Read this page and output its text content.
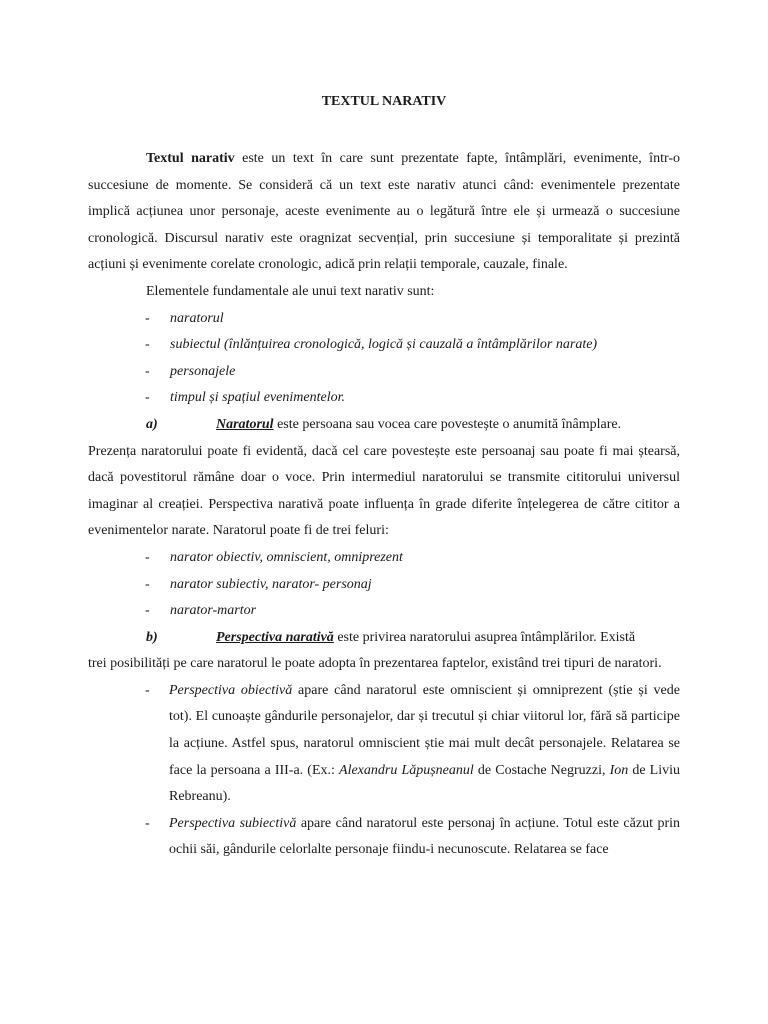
TEXTUL NARATIV

Textul narativ este un text în care sunt prezentate fapte, întâmplări, evenimente, într-o succesiune de momente. Se consideră că un text este narativ atunci când: evenimentele prezentate implică acțiunea unor personaje, aceste evenimente au o legătură între ele și urmează o succesiune cronologică. Discursul narativ este oragnizat secvențial, prin succesiune și temporalitate și prezintă acțiuni și evenimente corelate cronologic, adică prin relații temporale, cauzale, finale.

Elementele fundamentale ale unui text narativ sunt:

-	naratorul
-	subiectul (înlănțuirea cronologică, logică și cauzală a întâmplărilor narate)
-	personajele
-	timpul și spațiul evenimentelor.
a)	Naratorul este persoana sau vocea care povestește o anumită înâmplare.

Prezența naratorului poate fi evidentă, dacă cel care povestește este persoanaj sau poate fi mai ștearsă, dacă povestitorul rămâne doar o voce. Prin intermediul naratorului se transmite cititorului universul imaginar al creației. Perspectiva narativă poate influența în grade diferite înțelegerea de către cititor a evenimentelor narate. Naratorul poate fi de trei feluri:

-	narator obiectiv, omniscient, omniprezent
-	narator subiectiv, narator- personaj
-	narator-martor
b)	Perspectiva narativă este privirea naratorului asuprea întâmplărilor. Există

trei posibilități pe care naratorul le poate adopta în prezentarea faptelor, existând trei tipuri de naratori.

-	Perspectiva obiectivă apare când naratorul este omniscient și omniprezent (știe și vede tot). El cunoaște gândurile personajelor, dar și trecutul și chiar viitorul lor, fără să participe la acțiune. Astfel spus, naratorul omniscient știe mai mult decât personajele. Relatarea se face la persoana a III-a. (Ex.: Alexandru Lăpușneanul de Costache Negruzzi, Ion de Liviu Rebreanu).
-	Perspectiva subiectivă apare când naratorul este personaj în acțiune. Totul este căzut prin ochii săi, gândurile celorlalte personaje fiindu-i necunoscute. Relatarea se face
